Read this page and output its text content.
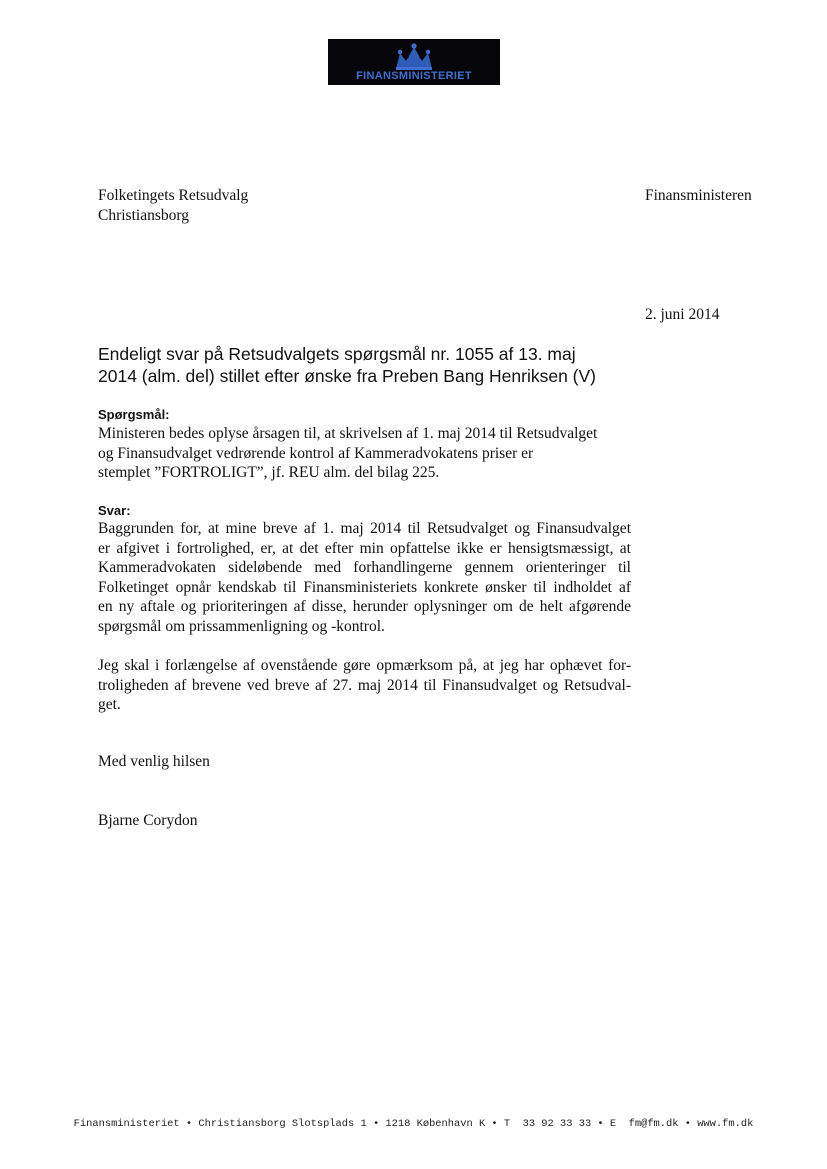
FINANSMINISTERIET
Folketingets Retsudvalg
Christiansborg
Finansministeren
2. juni 2014
Endeligt svar på Retsudvalgets spørgsmål nr. 1055 af 13. maj
2014 (alm. del) stillet efter ønske fra Preben Bang Henriksen (V)
Spørgsmål:
Ministeren bedes oplyse årsagen til, at skrivelsen af 1. maj 2014 til Retsudvalget
og Finansudvalget vedrørende kontrol af Kammeradvokatens priser er
stemplet ”FORTROLIGT”, jf. REU alm. del bilag 225.
Svar:
Baggrunden for, at mine breve af 1. maj 2014 til Retsudvalget og Finansudvalget
er afgivet i fortrolighed, er, at det efter min opfattelse ikke er hensigtsmæssigt, at
Kammeradvokaten sideløbende med forhandlingerne gennem orienteringer til
Folketinget opnår kendskab til Finansministeriets konkrete ønsker til indholdet af
en ny aftale og prioriteringen af disse, herunder oplysninger om de helt afgørende
spørgsmål om prissammenligning og -kontrol.
Jeg skal i forlængelse af ovenstående gøre opmærksom på, at jeg har ophævet for-
troligheden af brevene ved breve af 27. maj 2014 til Finansudvalget og Retsudval-
get.
Med venlig hilsen
Bjarne Corydon
Finansministeriet • Christiansborg Slotsplads 1 • 1218 København K • T  33 92 33 33 • E  fm@fm.dk • www.fm.dk
